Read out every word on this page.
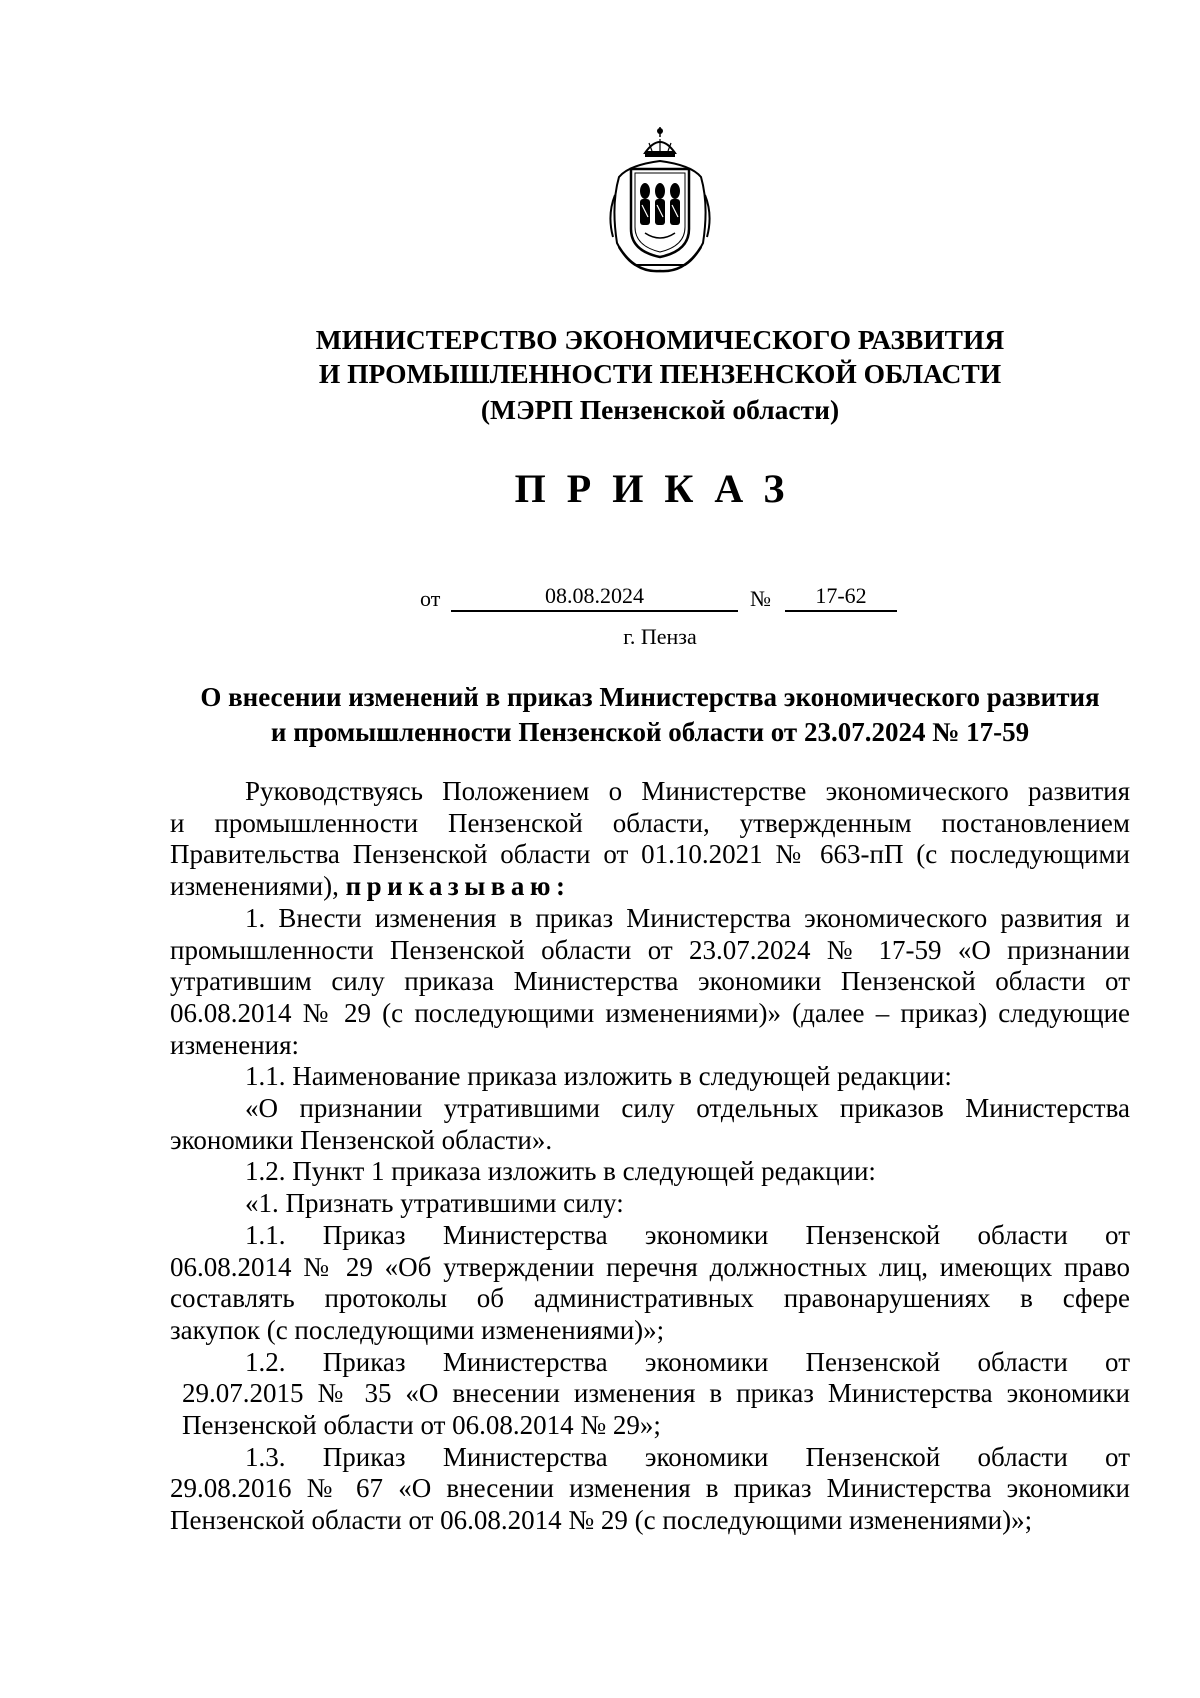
МИНИСТЕРСТВО ЭКОНОМИЧЕСКОГО РАЗВИТИЯ
И ПРОМЫШЛЕННОСТИ ПЕНЗЕНСКОЙ ОБЛАСТИ
(МЭРП Пензенской области)
ПРИКАЗ
от	08.08.2024	№	17-62
г. Пенза
О внесении изменений в приказ Министерства экономического развития
и промышленности Пензенской области от 23.07.2024 № 17-59

Руководствуясь Положением о Министерстве экономического развития

и промышленности Пензенской области, утвержденным постановлением

Правительства Пензенской области от 01.10.2021 № 663-пП (с последующими

изменениями), приказываю:

1. Внести изменения в приказ Министерства экономического развития и

промышленности Пензенской области от 23.07.2024 № 17-59 «О признании

утратившим силу приказа Министерства экономики Пензенской области от

06.08.2014 № 29 (с последующими изменениями)» (далее – приказ) следующие

изменения:

1.1. Наименование приказа изложить в следующей редакции:

«О признании утратившими силу отдельных приказов Министерства

экономики Пензенской области».

1.2. Пункт 1 приказа изложить в следующей редакции:

«1. Признать утратившими силу:

1.1. Приказ Министерства экономики Пензенской области от

06.08.2014 № 29 «Об утверждении перечня должностных лиц, имеющих право

составлять протоколы об административных правонарушениях в сфере

закупок (с последующими изменениями)»;

1.2. Приказ Министерства экономики Пензенской области от

29.07.2015 № 35 «О внесении изменения в приказ Министерства экономики

Пензенской области от 06.08.2014 № 29»;

1.3. Приказ Министерства экономики Пензенской области от

29.08.2016 № 67 «О внесении изменения в приказ Министерства экономики

Пензенской области от 06.08.2014 № 29 (с последующими изменениями)»;
